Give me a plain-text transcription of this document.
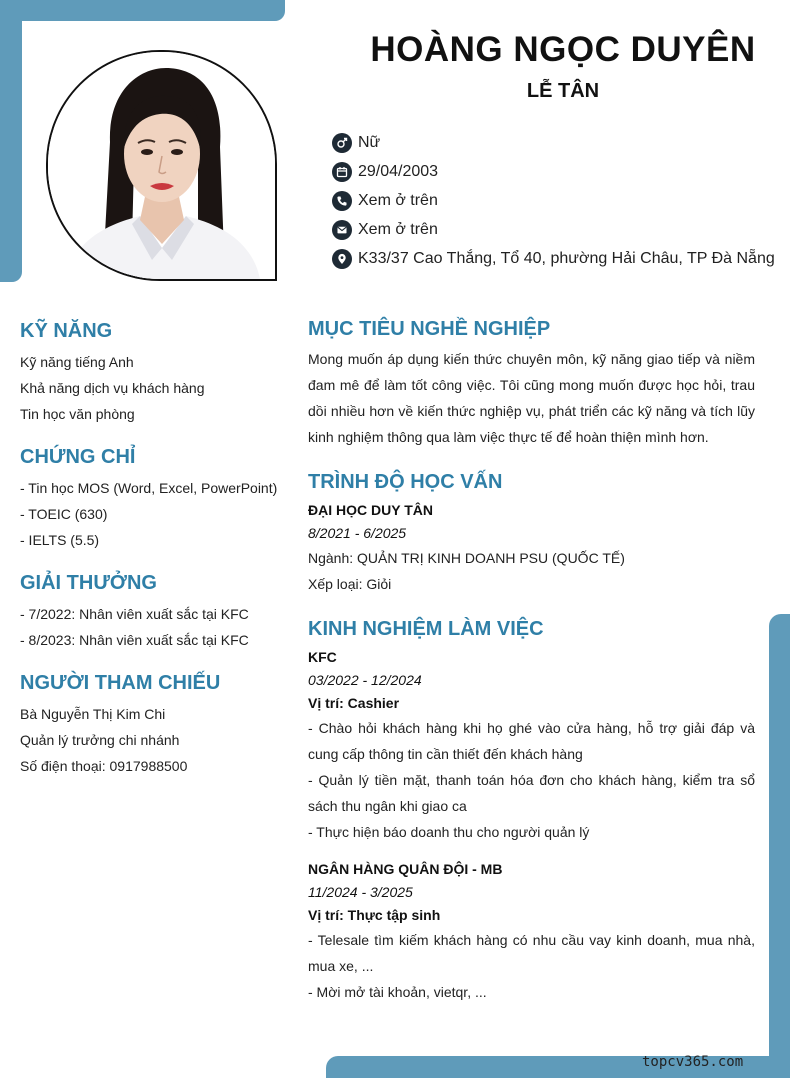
HOÀNG NGỌC DUYÊN
LỄ TÂN
Nữ
29/04/2003
Xem ở trên
Xem ở trên
K33/37 Cao Thắng, Tổ 40, phường Hải Châu, TP Đà Nẵng
KỸ NĂNG
Kỹ năng tiếng Anh
Khả năng dịch vụ khách hàng
Tin học văn phòng
CHỨNG CHỈ
- Tin học MOS (Word, Excel, PowerPoint)
- TOEIC (630)
- IELTS (5.5)
GIẢI THƯỞNG
- 7/2022: Nhân viên xuất sắc tại KFC
- 8/2023: Nhân viên xuất sắc tại KFC
NGƯỜI THAM CHIẾU
Bà Nguyễn Thị Kim Chi
Quản lý trưởng chi nhánh
Số điện thoại: 0917988500
MỤC TIÊU NGHỀ NGHIỆP

Mong muốn áp dụng kiến thức chuyên môn, kỹ năng giao tiếp và niềm đam mê để làm tốt công việc. Tôi cũng mong muốn được học hỏi, trau dồi nhiều hơn về kiến thức nghiệp vụ, phát triển các kỹ năng và tích lũy kinh nghiệm thông qua làm việc thực tế để hoàn thiện mình hơn.

TRÌNH ĐỘ HỌC VẤN
ĐẠI HỌC DUY TÂN
8/2021 - 6/2025
Ngành: QUẢN TRỊ KINH DOANH PSU (QUỐC TẾ)
Xếp loại: Giỏi
KINH NGHIỆM LÀM VIỆC
KFC
03/2022 - 12/2024
Vị trí: Cashier

- Chào hỏi khách hàng khi họ ghé vào cửa hàng, hỗ trợ giải đáp và cung cấp thông tin cần thiết đến khách hàng

- Quản lý tiền mặt, thanh toán hóa đơn cho khách hàng, kiểm tra sổ sách thu ngân khi giao ca

- Thực hiện báo doanh thu cho người quản lý

NGÂN HÀNG QUÂN ĐỘI - MB
11/2024 - 3/2025
Vị trí: Thực tập sinh

- Telesale tìm kiếm khách hàng có nhu cầu vay kinh doanh, mua nhà, mua xe, ...

- Mời mở tài khoản, vietqr, ...

topcv365.com
